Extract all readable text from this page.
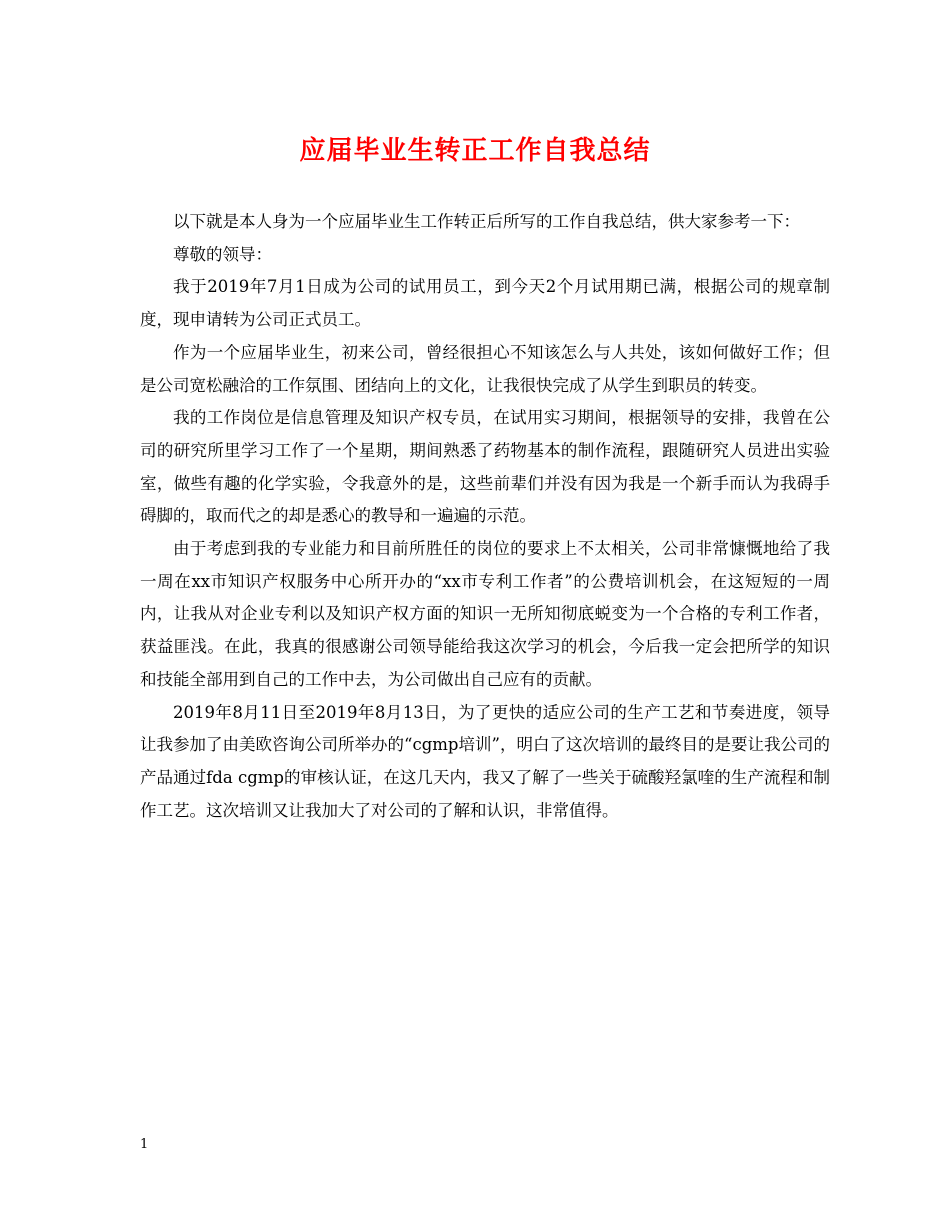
应届毕业生转正工作自我总结

以下就是本人身为一个应届毕业生工作转正后所写的工作自我总结，供大家参考一下：

尊敬的领导：

我于2019年7月1日成为公司的试用员工，到今天2个月试用期已满，根据公司的规章制度，现申请转为公司正式员工。

作为一个应届毕业生，初来公司，曾经很担心不知该怎么与人共处，该如何做好工作；但是公司宽松融洽的工作氛围、团结向上的文化，让我很快完成了从学生到职员的转变。

我的工作岗位是信息管理及知识产权专员，在试用实习期间，根据领导的安排，我曾在公司的研究所里学习工作了一个星期，期间熟悉了药物基本的制作流程，跟随研究人员进出实验室，做些有趣的化学实验，令我意外的是，这些前辈们并没有因为我是一个新手而认为我碍手碍脚的，取而代之的却是悉心的教导和一遍遍的示范。

由于考虑到我的专业能力和目前所胜任的岗位的要求上不太相关，公司非常慷慨地给了我一周在xx市知识产权服务中心所开办的“xx市专利工作者”的公费培训机会，在这短短的一周内，让我从对企业专利以及知识产权方面的知识一无所知彻底蜕变为一个合格的专利工作者，获益匪浅。在此，我真的很感谢公司领导能给我这次学习的机会，今后我一定会把所学的知识和技能全部用到自己的工作中去，为公司做出自己应有的贡献。

2019年8月11日至2019年8月13日，为了更快的适应公司的生产工艺和节奏进度，领导让我参加了由美欧咨询公司所举办的“cgmp培训”，明白了这次培训的最终目的是要让我公司的产品通过fda cgmp的审核认证，在这几天内，我又了解了一些关于硫酸羟氯喹的生产流程和制作工艺。这次培训又让我加大了对公司的了解和认识，非常值得。

1
